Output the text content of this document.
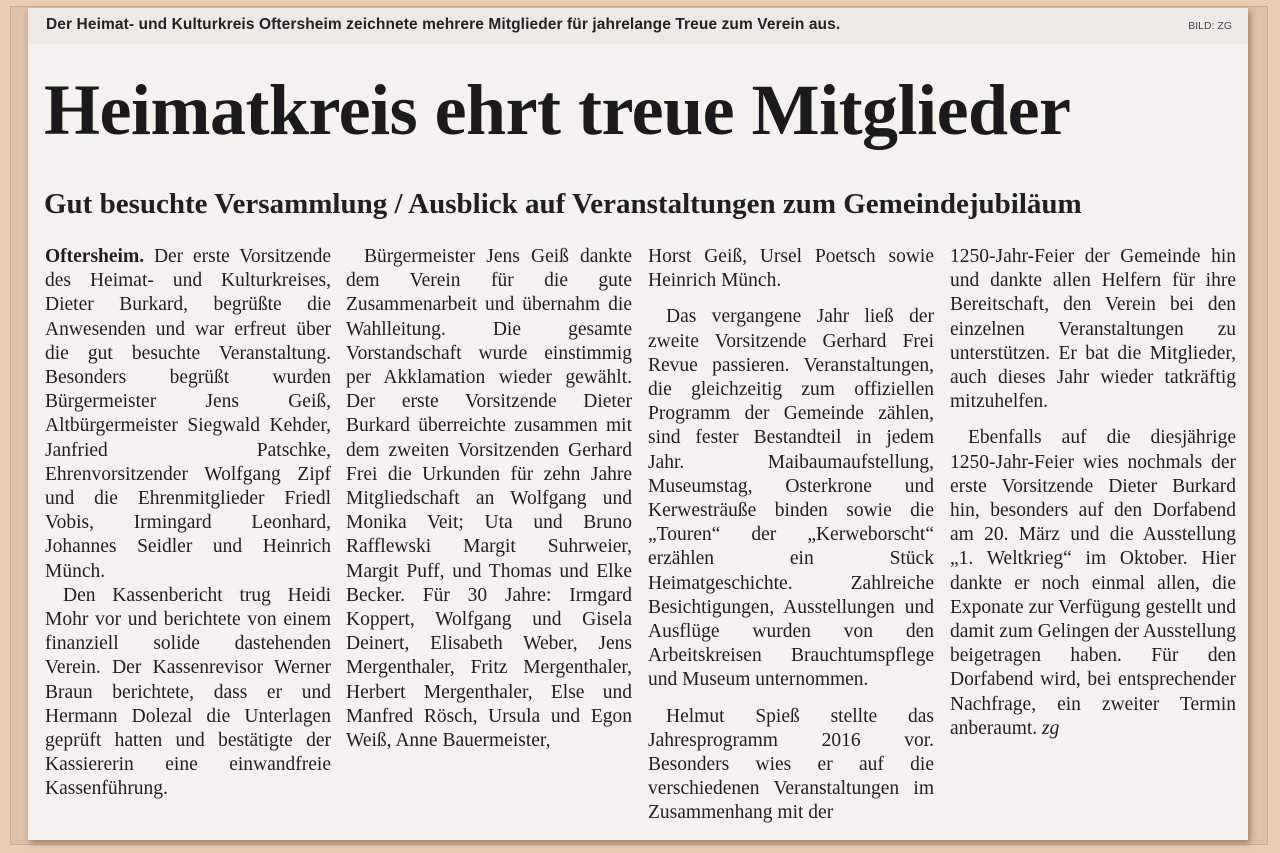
Der Heimat- und Kulturkreis Oftersheim zeichnete mehrere Mitglieder für jahrelange Treue zum Verein aus.	BILD: ZG
Heimatkreis ehrt treue Mitglieder
Gut besuchte Versammlung / Ausblick auf Veranstaltungen zum Gemeindejubiläum

Oftersheim. Der erste Vorsitzende des Heimat- und Kulturkreises, Dieter Burkard, begrüßte die Anwesenden und war erfreut über die gut besuchte Veranstaltung. Besonders begrüßt wurden Bürgermeister Jens Geiß, Altbürgermeister Siegwald Kehder, Janfried Patschke, Ehrenvorsitzender Wolfgang Zipf und die Ehrenmitglieder Friedl Vobis, Irmingard Leonhard, Johannes Seidler und Heinrich Münch.

Den Kassenbericht trug Heidi Mohr vor und berichtete von einem finanziell solide dastehenden Verein. Der Kassenrevisor Werner Braun berichtete, dass er und Hermann Dolezal die Unterlagen geprüft hatten und bestätigte der Kassiererin eine einwandfreie Kassenführung.

Bürgermeister Jens Geiß dankte dem Verein für die gute Zusammenarbeit und übernahm die Wahlleitung. Die gesamte Vorstandschaft wurde einstimmig per Akklamation wieder gewählt. Der erste Vorsitzende Dieter Burkard überreichte zusammen mit dem zweiten Vorsitzenden Gerhard Frei die Urkunden für zehn Jahre Mitgliedschaft an Wolfgang und Monika Veit; Uta und Bruno Rafflewski Margit Suhrweier, Margit Puff, und Thomas und Elke Becker. Für 30 Jahre: Irmgard Koppert, Wolfgang und Gisela Deinert, Elisabeth Weber, Jens Mergenthaler, Fritz Mergenthaler, Herbert Mergenthaler, Else und Manfred Rösch, Ursula und Egon Weiß, Anne Bauermeister,

Horst Geiß, Ursel Poetsch sowie Heinrich Münch.

Das vergangene Jahr ließ der zweite Vorsitzende Gerhard Frei Revue passieren. Veranstaltungen, die gleichzeitig zum offiziellen Programm der Gemeinde zählen, sind fester Bestandteil in jedem Jahr. Maibaumaufstellung, Museumstag, Osterkrone und Kerwesträuße binden sowie die „Touren“ der „Kerweborscht“ erzählen ein Stück Heimatgeschichte. Zahlreiche Besichtigungen, Ausstellungen und Ausflüge wurden von den Arbeitskreisen Brauchtumspflege und Museum unternommen.

Helmut Spieß stellte das Jahresprogramm 2016 vor. Besonders wies er auf die verschiedenen Veranstaltungen im Zusammenhang mit der

1250-Jahr-Feier der Gemeinde hin und dankte allen Helfern für ihre Bereitschaft, den Verein bei den einzelnen Veranstaltungen zu unterstützen. Er bat die Mitglieder, auch dieses Jahr wieder tatkräftig mitzuhelfen.

Ebenfalls auf die diesjährige 1250-Jahr-Feier wies nochmals der erste Vorsitzende Dieter Burkard hin, besonders auf den Dorfabend am 20. März und die Ausstellung „1. Weltkrieg“ im Oktober. Hier dankte er noch einmal allen, die Exponate zur Verfügung gestellt und damit zum Gelingen der Ausstellung beigetragen haben. Für den Dorfabend wird, bei entsprechender Nachfrage, ein zweiter Termin anberaumt. zg
